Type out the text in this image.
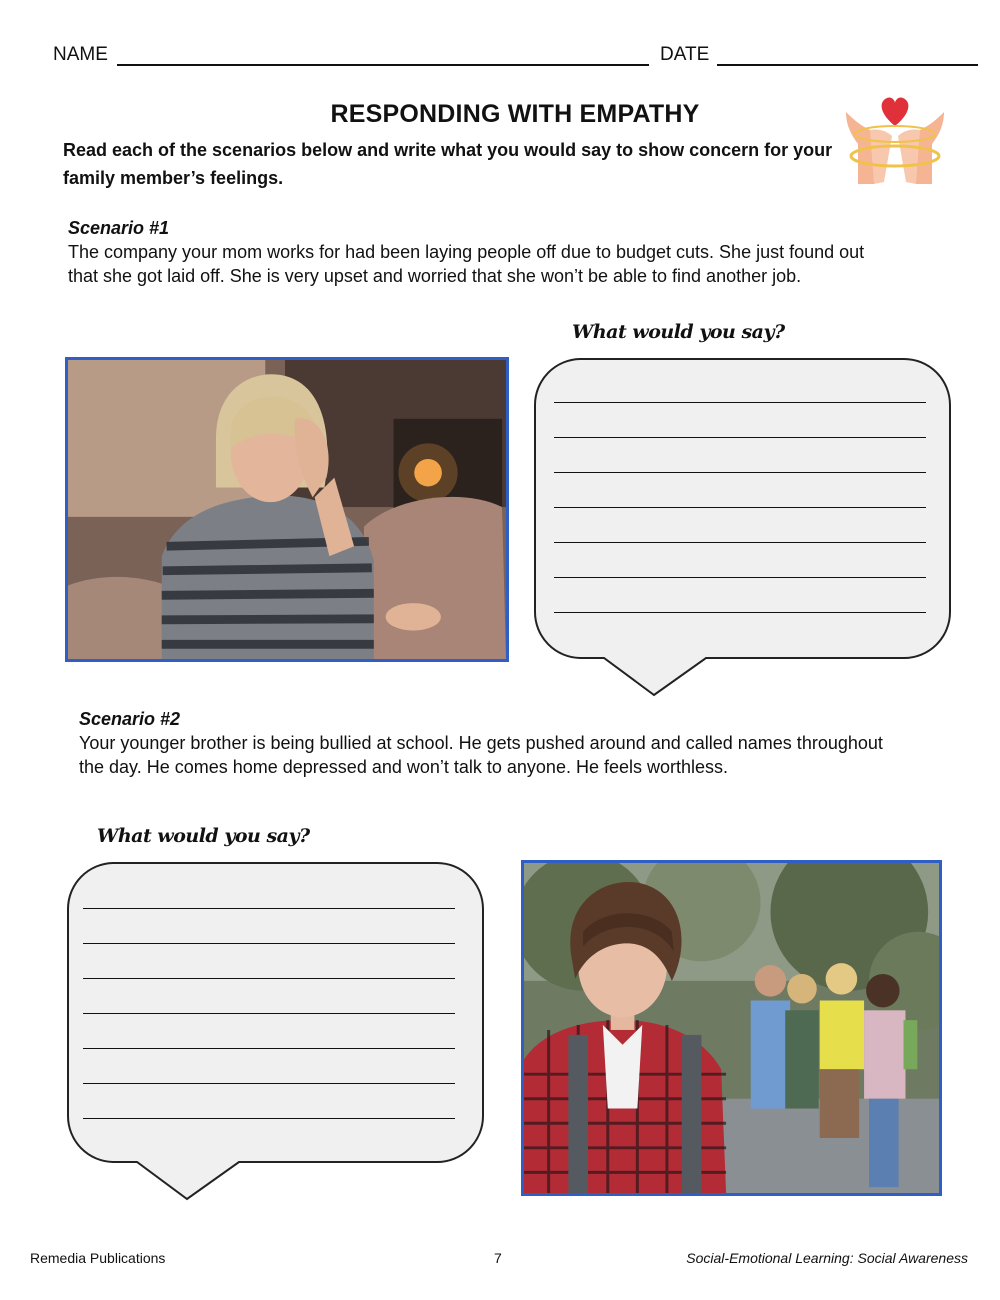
NAME	DATE
RESPONDING WITH EMPATHY
Read each of the scenarios below and write what you would say to show concern for your family member’s feelings.
Scenario #1
The company your mom works for had been laying people off due to budget cuts. She just found out that she got laid off. She is very upset and worried that she won’t be able to find another job.
What would you say?
Scenario #2
Your younger brother is being bullied at school. He gets pushed around and called names throughout the day. He comes home depressed and won’t talk to anyone. He feels worthless.
What would you say?
Remedia Publications	7	Social-Emotional Learning: Social Awareness
